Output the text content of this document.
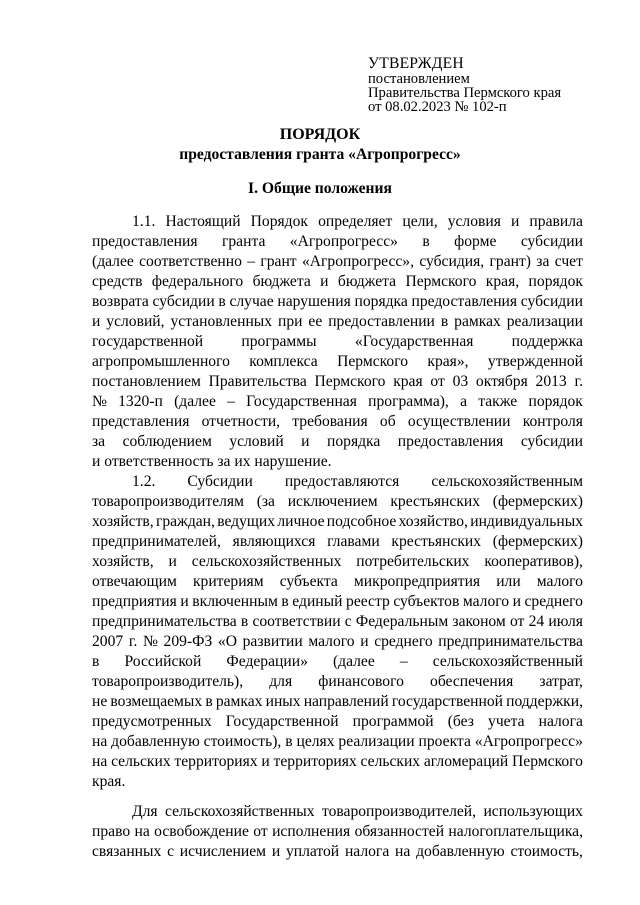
УТВЕРЖДЕН
постановлением
Правительства Пермского края
от 08.02.2023 № 102-п
ПОРЯДОК
предоставления гранта «Агропрогресс»
I. Общие положения
1.1. Настоящий Порядок определяет цели, условия и правила
предоставления гранта «Агропрогресс» в форме субсидии
(далее соответственно – грант «Агропрогресс», субсидия, грант) за счет
средств федерального бюджета и бюджета Пермского края, порядок
возврата субсидии в случае нарушения порядка предоставления субсидии
и условий, установленных при ее предоставлении в рамках реализации
государственной программы «Государственная поддержка
агропромышленного комплекса Пермского края», утвержденной
постановлением Правительства Пермского края от 03 октября 2013 г.
№ 1320-п (далее – Государственная программа), а также порядок
представления отчетности, требования об осуществлении контроля
за соблюдением условий и порядка предоставления субсидии
и ответственность за их нарушение.
1.2. Субсидии предоставляются сельскохозяйственным
товаропроизводителям (за исключением крестьянских (фермерских)
хозяйств, граждан, ведущих личное подсобное хозяйство, индивидуальных
предпринимателей, являющихся главами крестьянских (фермерских)
хозяйств, и сельскохозяйственных потребительских кооперативов),
отвечающим критериям субъекта микропредприятия или малого
предприятия и включенным в единый реестр субъектов малого и среднего
предпринимательства в соответствии с Федеральным законом от 24 июля
2007 г. № 209-ФЗ «О развитии малого и среднего предпринимательства
в Российской Федерации» (далее – сельскохозяйственный
товаропроизводитель), для финансового обеспечения затрат,
не возмещаемых в рамках иных направлений государственной поддержки,
предусмотренных Государственной программой (без учета налога
на добавленную стоимость), в целях реализации проекта «Агропрогресс»
на сельских территориях и территориях сельских агломераций Пермского
края.
Для сельскохозяйственных товаропроизводителей, использующих
право на освобождение от исполнения обязанностей налогоплательщика,
связанных с исчислением и уплатой налога на добавленную стоимость,
